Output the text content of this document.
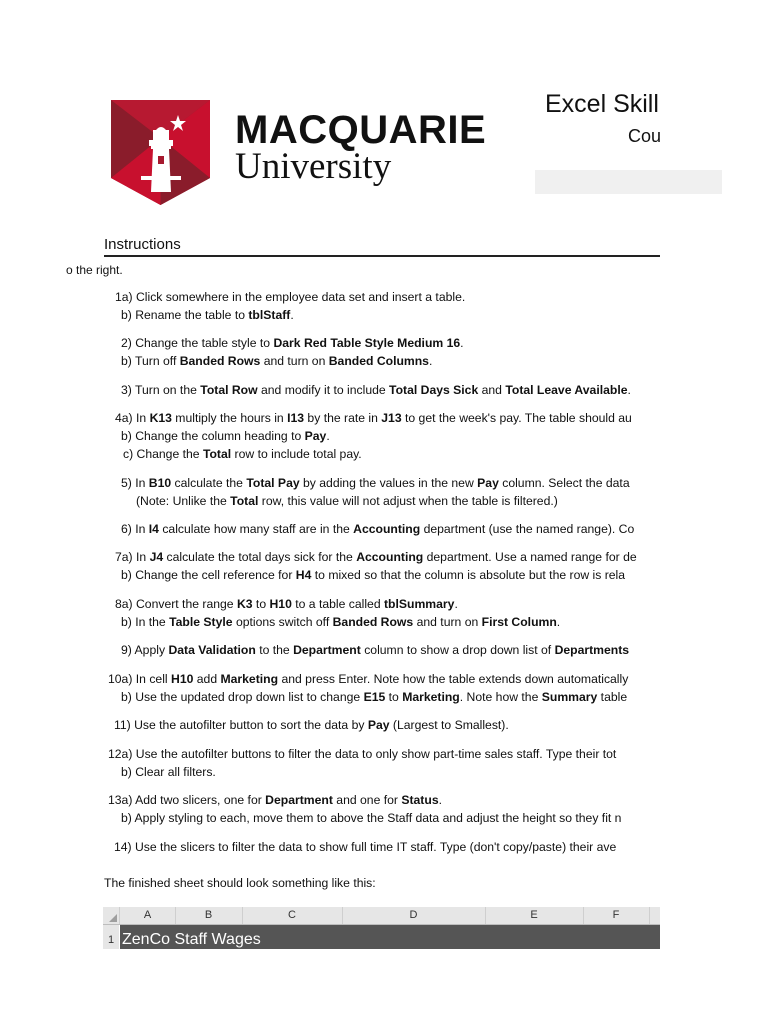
MACQUARIE
University
Excel Skill
Cou
Instructions
o the right.
1a) Click somewhere in the employee data set and insert a table.
b) Rename the table to tblStaff.
2) Change the table style to Dark Red Table Style Medium 16.
b) Turn off Banded Rows and turn on Banded Columns.
3) Turn on the Total Row and modify it to include Total Days Sick and Total Leave Available.
4a) In K13 multiply the hours in I13 by the rate in J13 to get the week's pay. The table should au
b) Change the column heading to Pay.
c) Change the Total row to include total pay.
5) In B10 calculate the Total Pay by adding the values in the new Pay column. Select the data
(Note: Unlike the Total row, this value will not adjust when the table is filtered.)
6) In I4 calculate how many staff are in the Accounting department (use the named range). Co
7a) In J4 calculate the total days sick for the Accounting department. Use a named range for de
b) Change the cell reference for H4 to mixed so that the column is absolute but the row is rela
8a) Convert the range K3 to H10 to a table called tblSummary.
b) In the Table Style options switch off Banded Rows and turn on First Column.
9) Apply Data Validation to the Department column to show a drop down list of Departments
10a) In cell H10 add Marketing and press Enter. Note how the table extends down automatically
b) Use the updated drop down list to change E15 to Marketing. Note how the Summary table
11) Use the autofilter button to sort the data by Pay (Largest to Smallest).
12a) Use the autofilter buttons to filter the data to only show part-time sales staff. Type their tot
b) Clear all filters.
13a) Add two slicers, one for Department and one for Status.
b) Apply styling to each, move them to above the Staff data and adjust the height so they fit n
14) Use the slicers to filter the data to show full time IT staff. Type (don't copy/paste) their ave
The finished sheet should look something like this:
A	B	C	D	E	F
1 ZenCo Staff Wages
